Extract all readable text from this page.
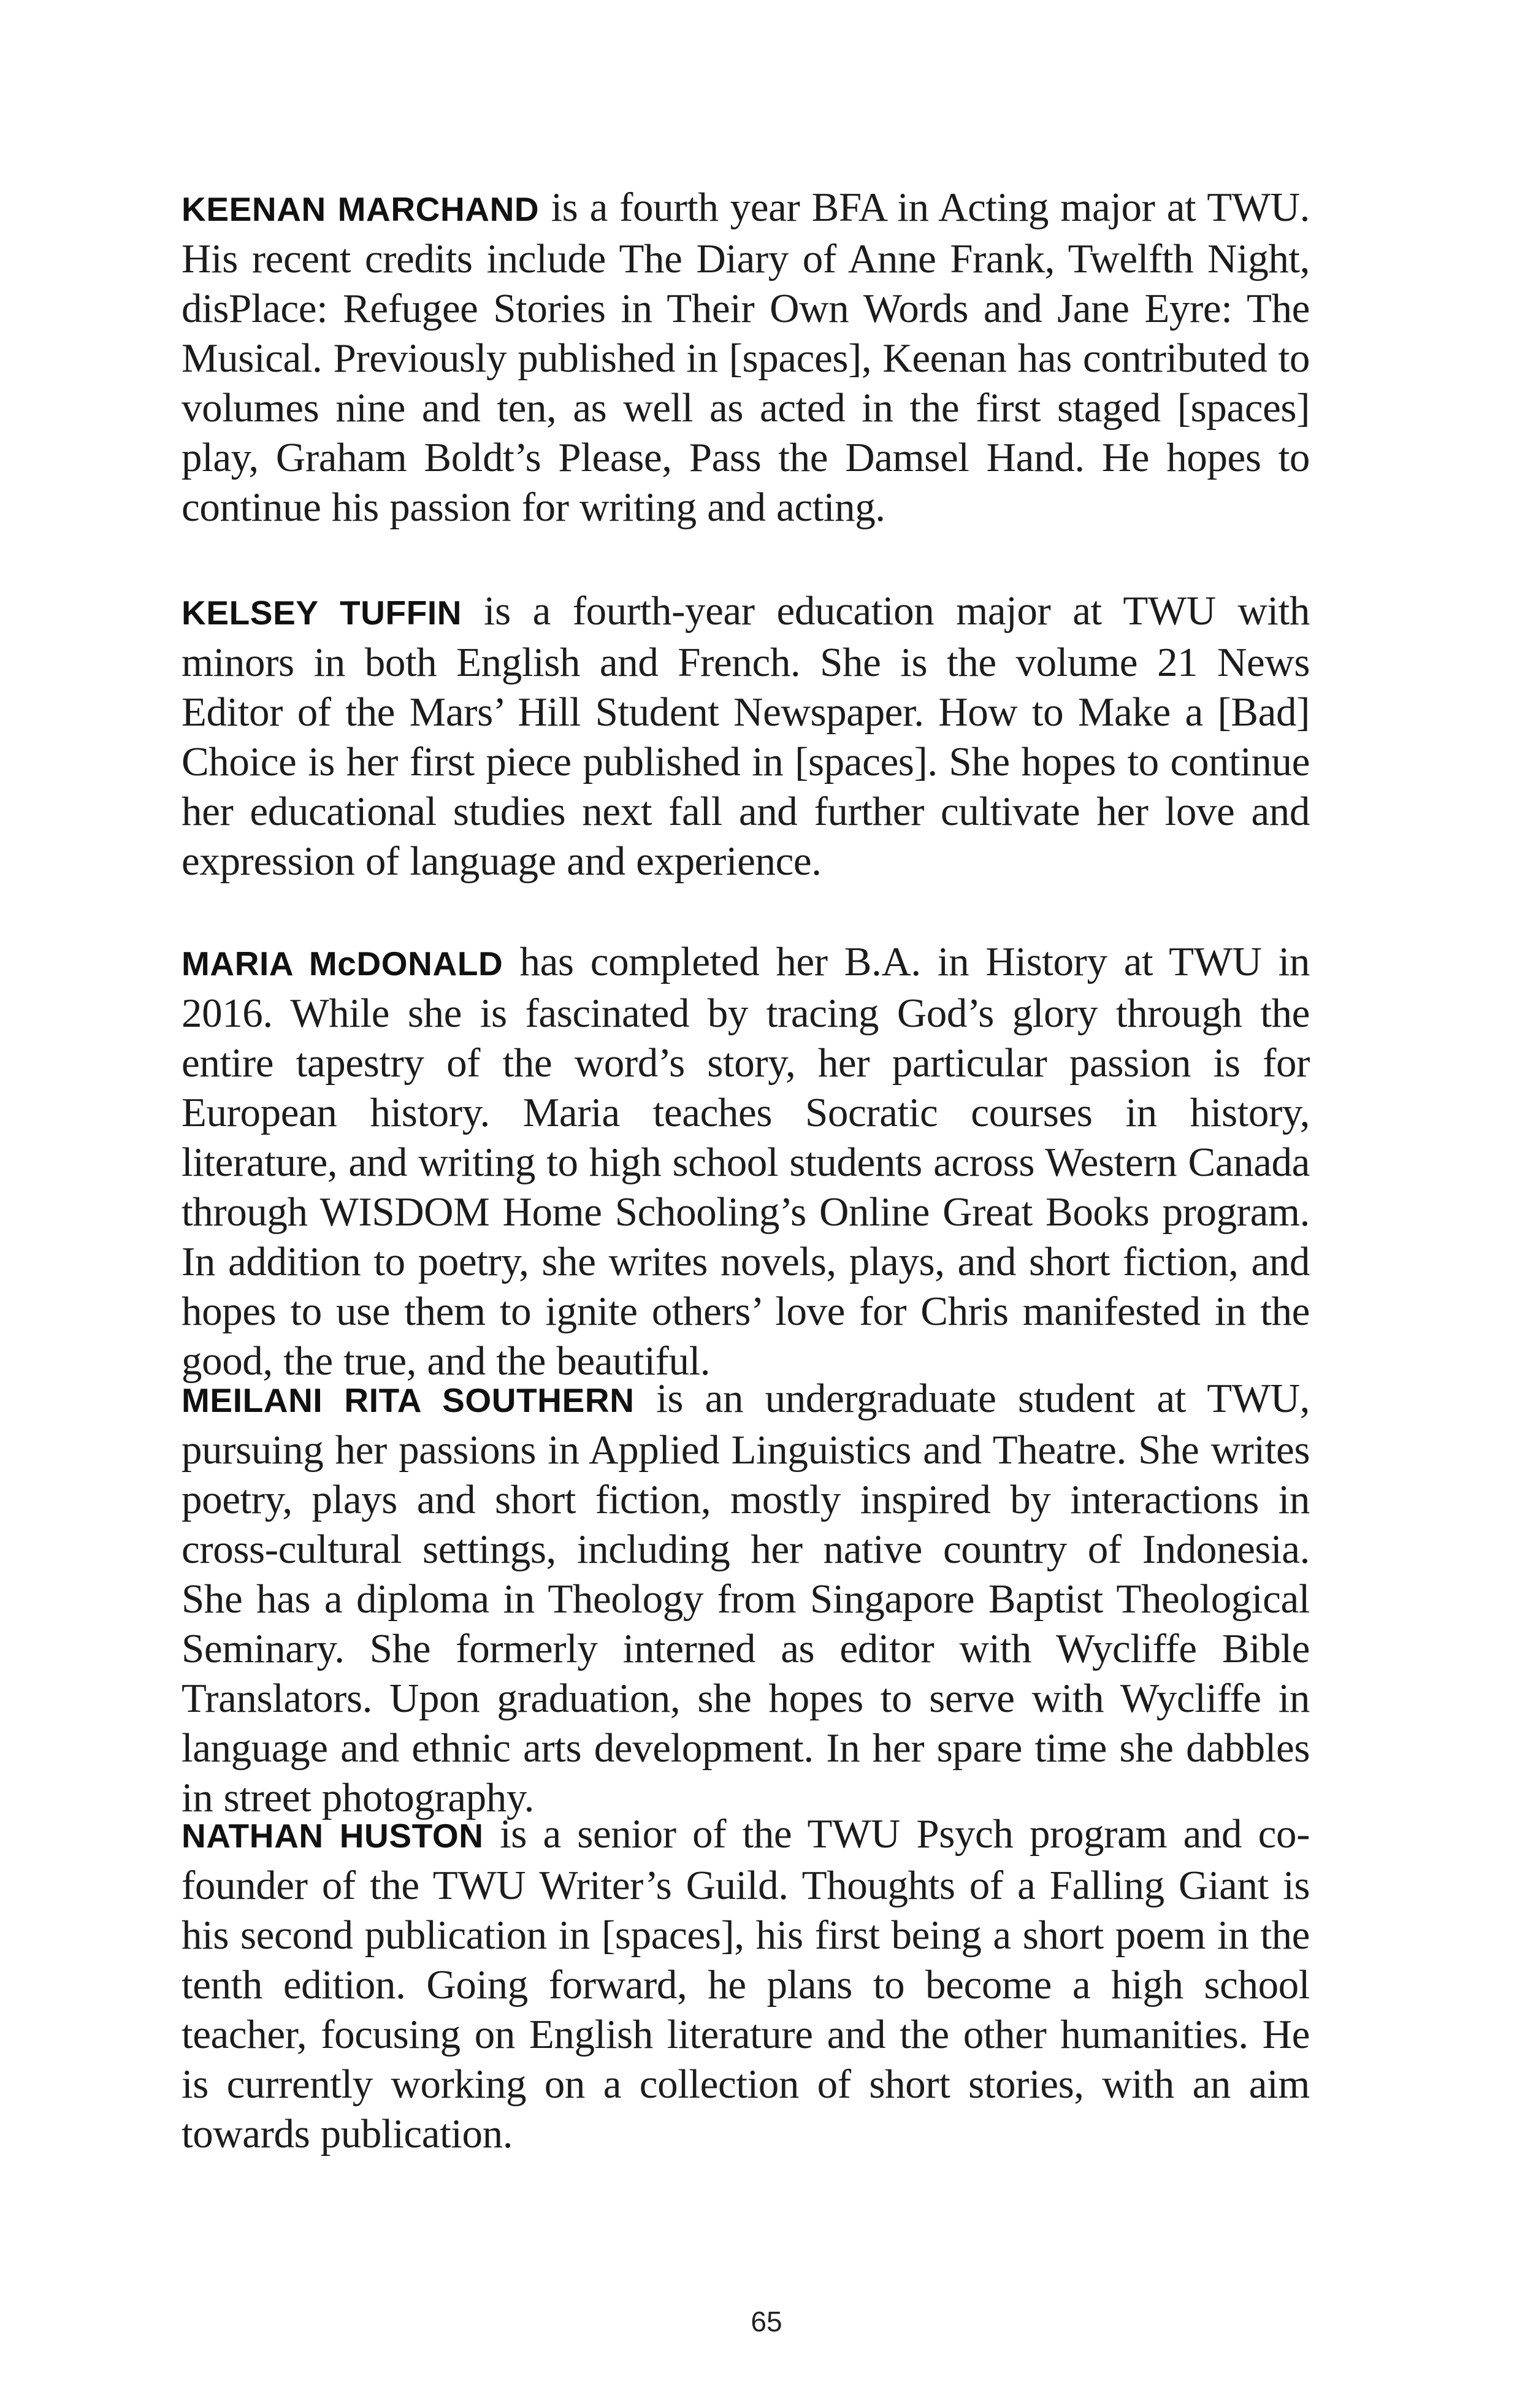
KEENAN MARCHAND is a fourth year BFA in Acting major at TWU. His recent credits include The Diary of Anne Frank, Twelfth Night, disPlace: Refugee Stories in Their Own Words and Jane Eyre: The Musical. Previously published in [spaces], Keenan has contributed to volumes nine and ten, as well as acted in the first staged [spaces] play, Graham Boldt’s Please, Pass the Damsel Hand. He hopes to continue his passion for writing and acting.

KELSEY TUFFIN is a fourth-year education major at TWU with minors in both English and French. She is the volume 21 News Editor of the Mars’ Hill Student Newspaper. How to Make a [Bad] Choice is her first piece published in [spaces]. She hopes to continue her educational studies next fall and further cultivate her love and expression of language and experience.

MARIA McDONALD has completed her B.A. in History at TWU in 2016. While she is fascinated by tracing God’s glory through the entire tapestry of the word’s story, her particular passion is for European history. Maria teaches Socratic courses in history, literature, and writing to high school students across Western Canada through WISDOM Home Schooling’s Online Great Books program. In addition to poetry, she writes novels, plays, and short fiction, and hopes to use them to ignite others’ love for Chris manifested in the good, the true, and the beautiful.

MEILANI RITA SOUTHERN is an undergraduate student at TWU, pursuing her passions in Applied Linguistics and Theatre. She writes poetry, plays and short fiction, mostly inspired by interactions in cross-cultural settings, including her native country of Indonesia. She has a diploma in Theology from Singapore Baptist Theological Seminary. She formerly interned as editor with Wycliffe Bible Translators. Upon graduation, she hopes to serve with Wycliffe in language and ethnic arts development. In her spare time she dabbles in street photography.

NATHAN HUSTON is a senior of the TWU Psych program and co-founder of the TWU Writer’s Guild. Thoughts of a Falling Giant is his second publication in [spaces], his first being a short poem in the tenth edition. Going forward, he plans to become a high school teacher, focusing on English literature and the other humanities. He is currently working on a collection of short stories, with an aim towards publication.

65
